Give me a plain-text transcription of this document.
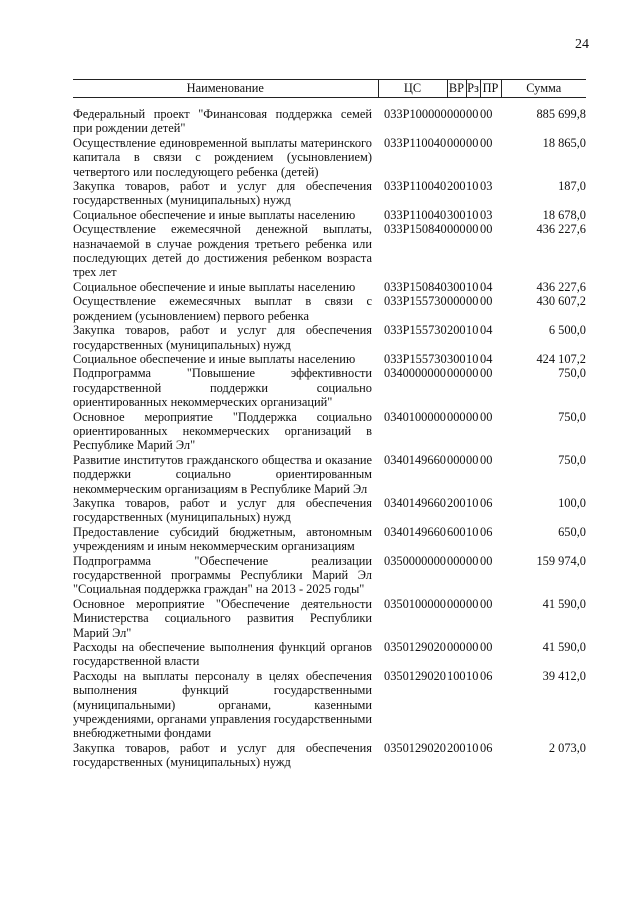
24
Наименование	ЦС	ВР	Рз	ПР	Сумма
Федеральный проект "Финансовая поддержка семей при рождении детей"	033P100000	000	00	00	885 699,8
Осуществление единовременной выплаты материнского капитала в связи с рождением (усыновлением) четвертого или последующего ребенка (детей)	033P110040	000	00	00	18 865,0
Закупка товаров, работ и услуг для обеспечения государственных (муниципальных) нужд	033P110040	200	10	03	187,0
Социальное обеспечение и иные выплаты населению	033P110040	300	10	03	18 678,0
Осуществление ежемесячной денежной выплаты, назначаемой в случае рождения третьего ребенка или последующих детей до достижения ребенком возраста трех лет	033P150840	000	00	00	436 227,6
Социальное обеспечение и иные выплаты населению	033P150840	300	10	04	436 227,6
Осуществление ежемесячных выплат в связи с рождением (усыновлением) первого ребенка	033P155730	000	00	00	430 607,2
Закупка товаров, работ и услуг для обеспечения государственных (муниципальных) нужд	033P155730	200	10	04	6 500,0
Социальное обеспечение и иные выплаты населению	033P155730	300	10	04	424 107,2
Подпрограмма "Повышение эффективности государственной поддержки социально ориентированных некоммерческих организаций"	0340000000	000	00	00	750,0
Основное мероприятие "Поддержка социально ориентированных некоммерческих организаций в Республике Марий Эл"	0340100000	000	00	00	750,0
Развитие институтов гражданского общества и оказание поддержки социально ориентированным некоммерческим организациям в Республике Марий Эл	0340149660	000	00	00	750,0
Закупка товаров, работ и услуг для обеспечения государственных (муниципальных) нужд	0340149660	200	10	06	100,0
Предоставление субсидий бюджетным, автономным учреждениям и иным некоммерческим организациям	0340149660	600	10	06	650,0
Подпрограмма "Обеспечение реализации государственной программы Республики Марий Эл "Социальная поддержка граждан" на 2013 - 2025 годы"	0350000000	000	00	00	159 974,0
Основное мероприятие "Обеспечение деятельности Министерства социального развития Республики Марий Эл"	0350100000	000	00	00	41 590,0
Расходы на обеспечение выполнения функций органов государственной власти	0350129020	000	00	00	41 590,0
Расходы на выплаты персоналу в целях обеспечения выполнения функций государственными (муниципальными) органами, казенными учреждениями, органами управления государственными внебюджетными фондами	0350129020	100	10	06	39 412,0
Закупка товаров, работ и услуг для обеспечения государственных (муниципальных) нужд	0350129020	200	10	06	2 073,0
